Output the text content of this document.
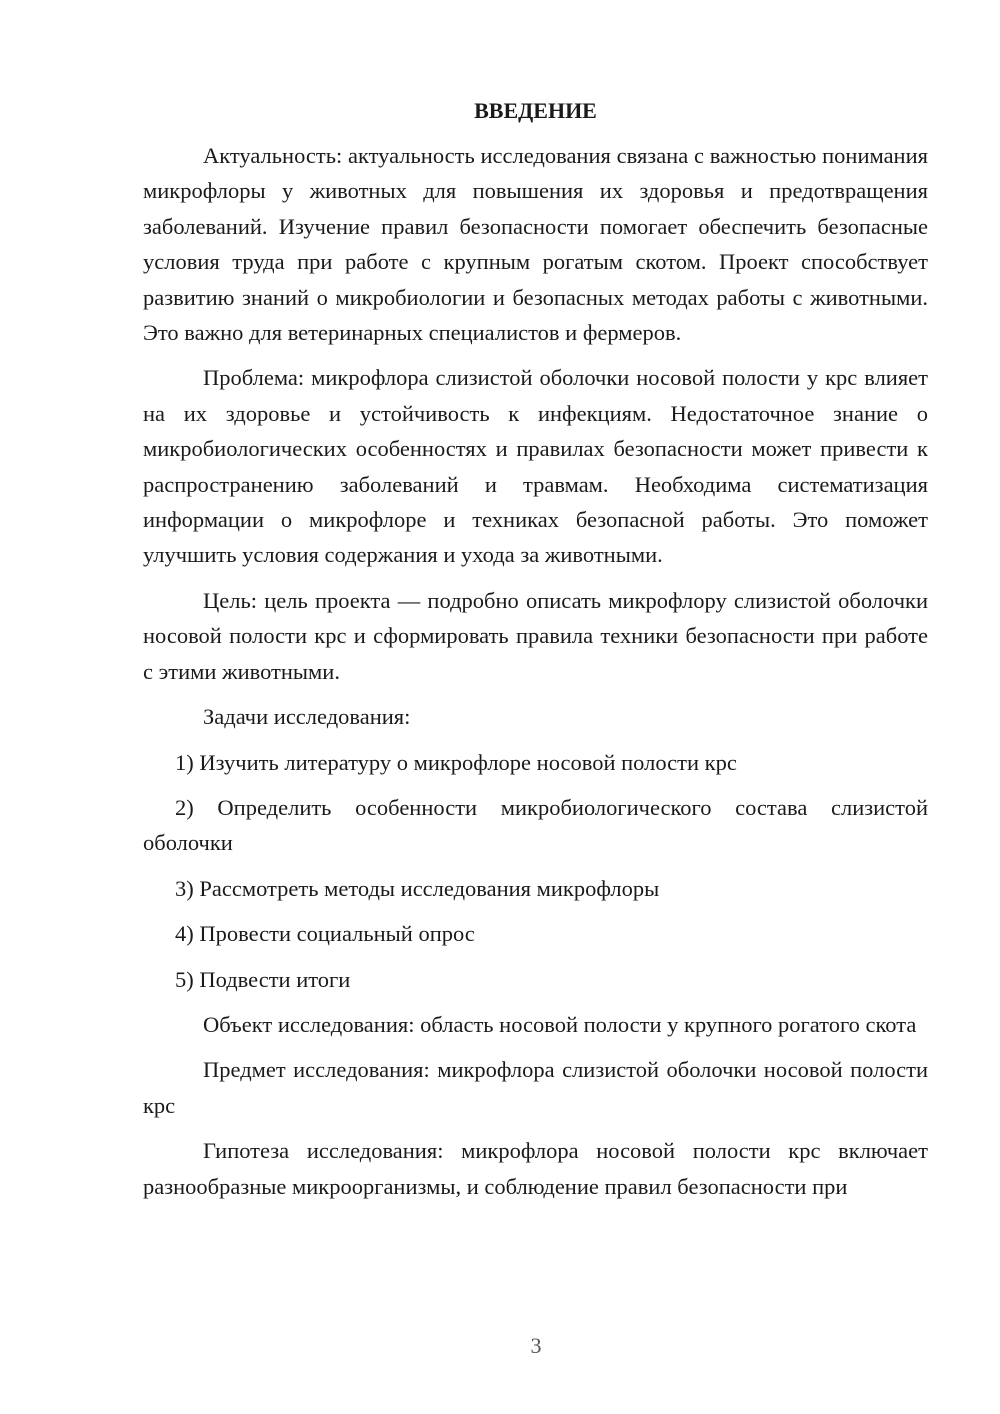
ВВЕДЕНИЕ

Актуальность: актуальность исследования связана с важностью понимания микрофлоры у животных для повышения их здоровья и предотвращения заболеваний. Изучение правил безопасности помогает обеспечить безопасные условия труда при работе с крупным рогатым скотом. Проект способствует развитию знаний о микробиологии и безопасных методах работы с животными. Это важно для ветеринарных специалистов и фермеров.

Проблема: микрофлора слизистой оболочки носовой полости у крс влияет на их здоровье и устойчивость к инфекциям. Недостаточное знание о микробиологических особенностях и правилах безопасности может привести к распространению заболеваний и травмам. Необходима систематизация информации о микрофлоре и техниках безопасной работы. Это поможет улучшить условия содержания и ухода за животными.

Цель: цель проекта — подробно описать микрофлору слизистой оболочки носовой полости крс и сформировать правила техники безопасности при работе с этими животными.

Задачи исследования:

1) Изучить литературу о микрофлоре носовой полости крс

2) Определить особенности микробиологического состава слизистой оболочки

3) Рассмотреть методы исследования микрофлоры

4) Провести социальный опрос

5) Подвести итоги

Объект исследования: область носовой полости у крупного рогатого скота

Предмет исследования: микрофлора слизистой оболочки носовой полости крс

Гипотеза исследования: микрофлора носовой полости крс включает разнообразные микроорганизмы, и соблюдение правил безопасности при

3
